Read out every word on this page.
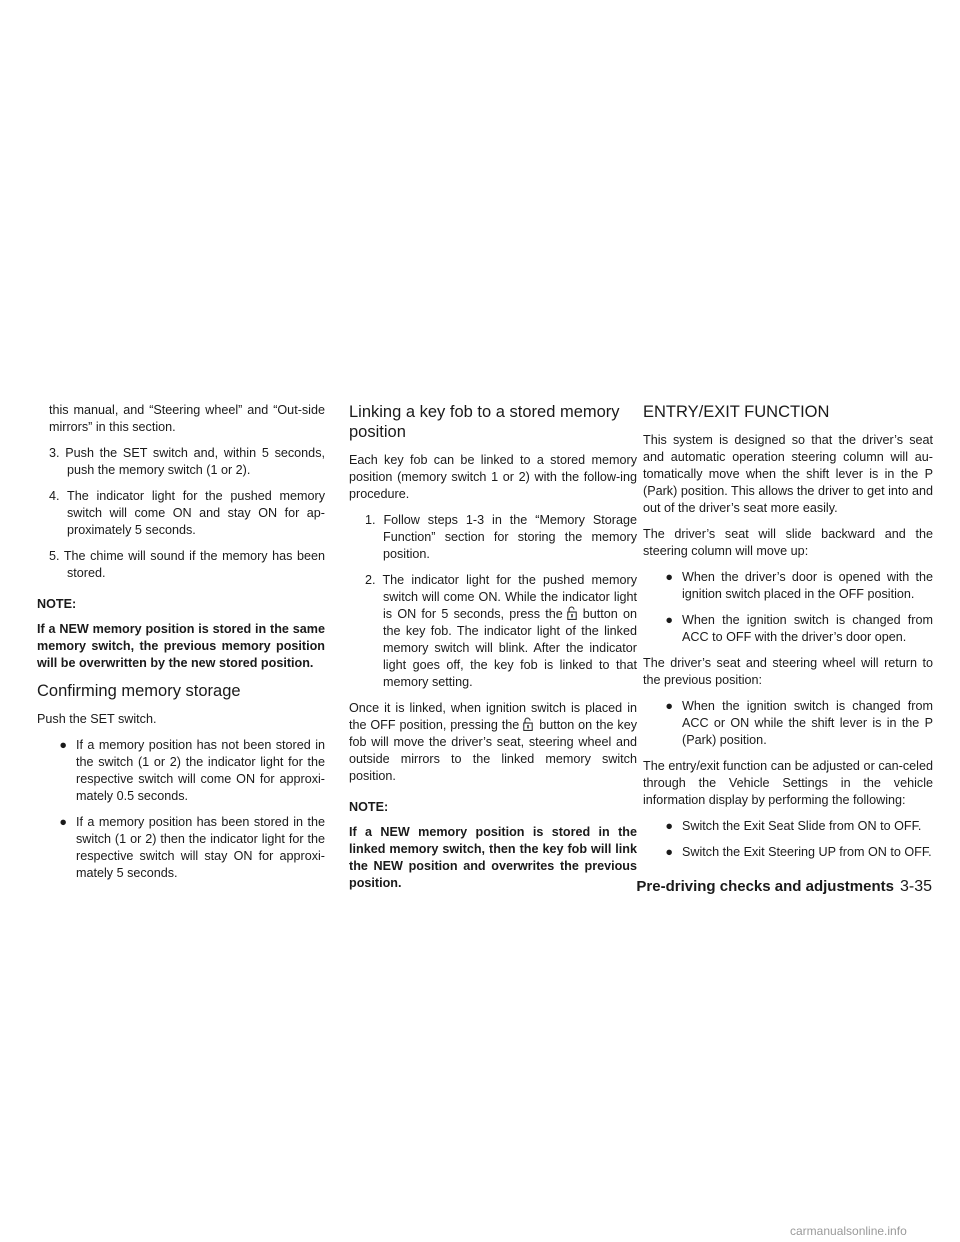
this manual, and “Steering wheel” and “Out-side mirrors” in this section.

3. Push the SET switch and, within 5 seconds, push the memory switch (1 or 2).

4. The indicator light for the pushed memory switch will come ON and stay ON for ap-proximately 5 seconds.

5. The chime will sound if the memory has been stored.

NOTE:

If a NEW memory position is stored in the same memory switch, the previous memory position will be overwritten by the new stored position.

Confirming memory storage

Push the SET switch.

● If a memory position has not been stored in the switch (1 or 2) the indicator light for the respective switch will come ON for approxi-mately 0.5 seconds.
● If a memory position has been stored in the switch (1 or 2) then the indicator light for the respective switch will stay ON for approxi-mately 5 seconds.
Linking a key fob to a stored memory position

Each key fob can be linked to a stored memory position (memory switch 1 or 2) with the follow-ing procedure.

1. Follow steps 1-3 in the “Memory Storage Function” section for storing the memory position.

2. The indicator light for the pushed memory switch will come ON. While the indicator light is ON for 5 seconds, press the button on the key fob. The indicator light of the linked memory switch will blink. After the indicator light goes off, the key fob is linked to that memory setting.

Once it is linked, when ignition switch is placed in the OFF position, pressing the button on the key fob will move the driver’s seat, steering wheel and outside mirrors to the linked memory switch position.

NOTE:

If a NEW memory position is stored in the linked memory switch, then the key fob will link the NEW position and overwrites the previous position.

ENTRY/EXIT FUNCTION

This system is designed so that the driver’s seat and automatic operation steering column will au-tomatically move when the shift lever is in the P (Park) position. This allows the driver to get into and out of the driver’s seat more easily.

The driver’s seat will slide backward and the steering column will move up:

● When the driver’s door is opened with the ignition switch placed in the OFF position.
● When the ignition switch is changed from ACC to OFF with the driver’s door open.

The driver’s seat and steering wheel will return to the previous position:

● When the ignition switch is changed from ACC or ON while the shift lever is in the P (Park) position.

The entry/exit function can be adjusted or can-celed through the Vehicle Settings in the vehicle information display by performing the following:

● Switch the Exit Seat Slide from ON to OFF.
● Switch the Exit Steering UP from ON to OFF.
Pre-driving checks and adjustments 3-35
carmanualsonline.info
